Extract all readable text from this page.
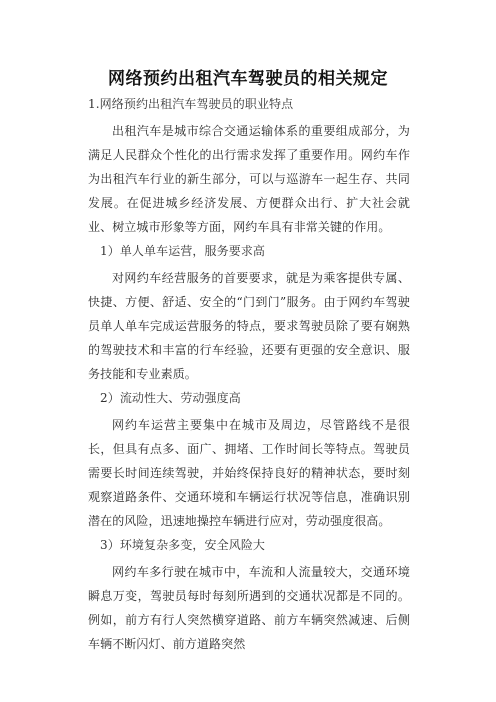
网络预约出租汽车驾驶员的相关规定

1.网络预约出租汽车驾驶员的职业特点

出租汽车是城市综合交通运输体系的重要组成部分，为满足人民群众个性化的出行需求发挥了重要作用。网约车作为出租汽车行业的新生部分，可以与巡游车一起生存、共同发展。在促进城乡经济发展、方便群众出行、扩大社会就业、树立城市形象等方面，网约车具有非常关键的作用。

1）单人单车运营，服务要求高

对网约车经营服务的首要要求，就是为乘客提供专属、快捷、方便、舒适、安全的“门到门”服务。由于网约车驾驶员单人单车完成运营服务的特点，要求驾驶员除了要有娴熟的驾驶技术和丰富的行车经验，还要有更强的安全意识、服务技能和专业素质。

2）流动性大、劳动强度高

网约车运营主要集中在城市及周边，尽管路线不是很长，但具有点多、面广、拥堵、工作时间长等特点。驾驶员需要长时间连续驾驶，并始终保持良好的精神状态，要时刻观察道路条件、交通环境和车辆运行状况等信息，准确识别潜在的风险，迅速地操控车辆进行应对，劳动强度很高。

3）环境复杂多变，安全风险大

网约车多行驶在城市中，车流和人流量较大，交通环境瞬息万变，驾驶员每时每刻所遇到的交通状况都是不同的。例如，前方有行人突然横穿道路、前方车辆突然减速、后侧车辆不断闪灯、前方道路突然
